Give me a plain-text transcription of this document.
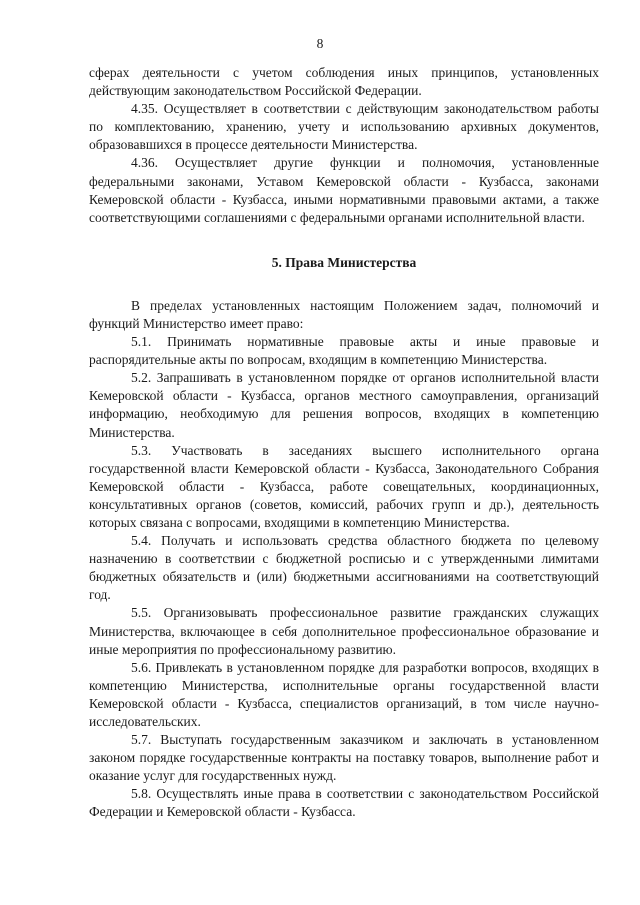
8

сферах деятельности с учетом соблюдения иных принципов, установленных действующим законодательством Российской Федерации.

4.35. Осуществляет в соответствии с действующим законодательством работы по комплектованию, хранению, учету и использованию архивных документов, образовавшихся в процессе деятельности Министерства.

4.36. Осуществляет другие функции и полномочия, установленные федеральными законами, Уставом Кемеровской области - Кузбасса, законами Кемеровской области - Кузбасса, иными нормативными правовыми актами, а также соответствующими соглашениями с федеральными органами исполнительной власти.

5. Права Министерства

В пределах установленных настоящим Положением задач, полномочий и функций Министерство имеет право:

5.1. Принимать нормативные правовые акты и иные правовые и распорядительные акты по вопросам, входящим в компетенцию Министерства.

5.2. Запрашивать в установленном порядке от органов исполнительной власти Кемеровской области - Кузбасса, органов местного самоуправления, организаций информацию, необходимую для решения вопросов, входящих в компетенцию Министерства.

5.3. Участвовать в заседаниях высшего исполнительного органа государственной власти Кемеровской области - Кузбасса, Законодательного Собрания Кемеровской области - Кузбасса, работе совещательных, координационных, консультативных органов (советов, комиссий, рабочих групп и др.), деятельность которых связана с вопросами, входящими в компетенцию Министерства.

5.4. Получать и использовать средства областного бюджета по целевому назначению в соответствии с бюджетной росписью и с утвержденными лимитами бюджетных обязательств и (или) бюджетными ассигнованиями на соответствующий год.

5.5. Организовывать профессиональное развитие гражданских служащих Министерства, включающее в себя дополнительное профессиональное образование и иные мероприятия по профессиональному развитию.

5.6. Привлекать в установленном порядке для разработки вопросов, входящих в компетенцию Министерства, исполнительные органы государственной власти Кемеровской области - Кузбасса, специалистов организаций, в том числе научно-исследовательских.

5.7. Выступать государственным заказчиком и заключать в установленном законом порядке государственные контракты на поставку товаров, выполнение работ и оказание услуг для государственных нужд.

5.8. Осуществлять иные права в соответствии с законодательством Российской Федерации и Кемеровской области - Кузбасса.
